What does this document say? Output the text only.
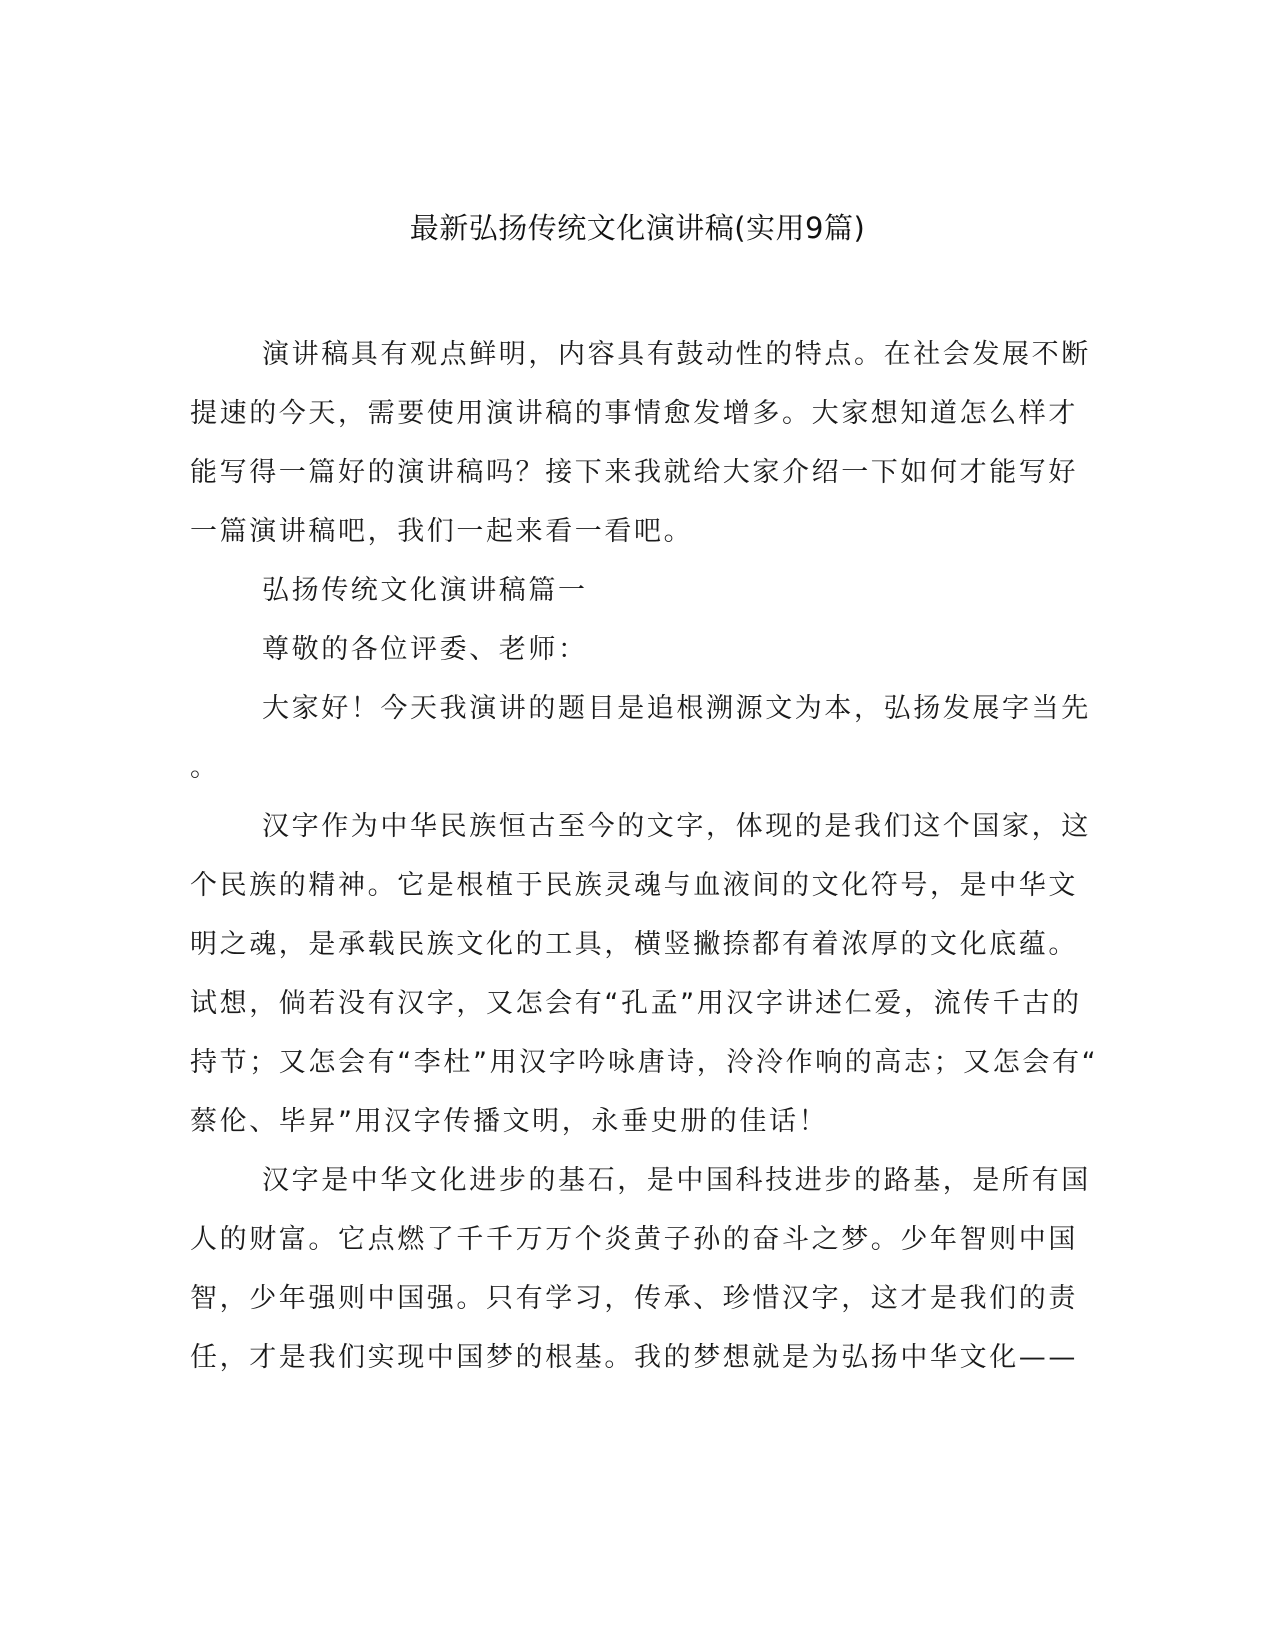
最新弘扬传统文化演讲稿(实用9篇)
演讲稿具有观点鲜明，内容具有鼓动性的特点。在社会发展不断
提速的今天，需要使用演讲稿的事情愈发增多。大家想知道怎么样才
能写得一篇好的演讲稿吗？接下来我就给大家介绍一下如何才能写好
一篇演讲稿吧，我们一起来看一看吧。
弘扬传统文化演讲稿篇一
尊敬的各位评委、老师：
大家好！今天我演讲的题目是追根溯源文为本，弘扬发展字当先
。
汉字作为中华民族恒古至今的文字，体现的是我们这个国家，这
个民族的精神。它是根植于民族灵魂与血液间的文化符号，是中华文
明之魂，是承载民族文化的工具，横竖撇捺都有着浓厚的文化底蕴。
试想，倘若没有汉字，又怎会有“孔孟”用汉字讲述仁爱，流传千古的
持节；又怎会有“李杜”用汉字吟咏唐诗，泠泠作响的高志；又怎会有“
蔡伦、毕昇”用汉字传播文明，永垂史册的佳话！
汉字是中华文化进步的基石，是中国科技进步的路基，是所有国
人的财富。它点燃了千千万万个炎黄子孙的奋斗之梦。少年智则中国
智，少年强则中国强。只有学习，传承、珍惜汉字，这才是我们的责
任，才是我们实现中国梦的根基。我的梦想就是为弘扬中华文化——
